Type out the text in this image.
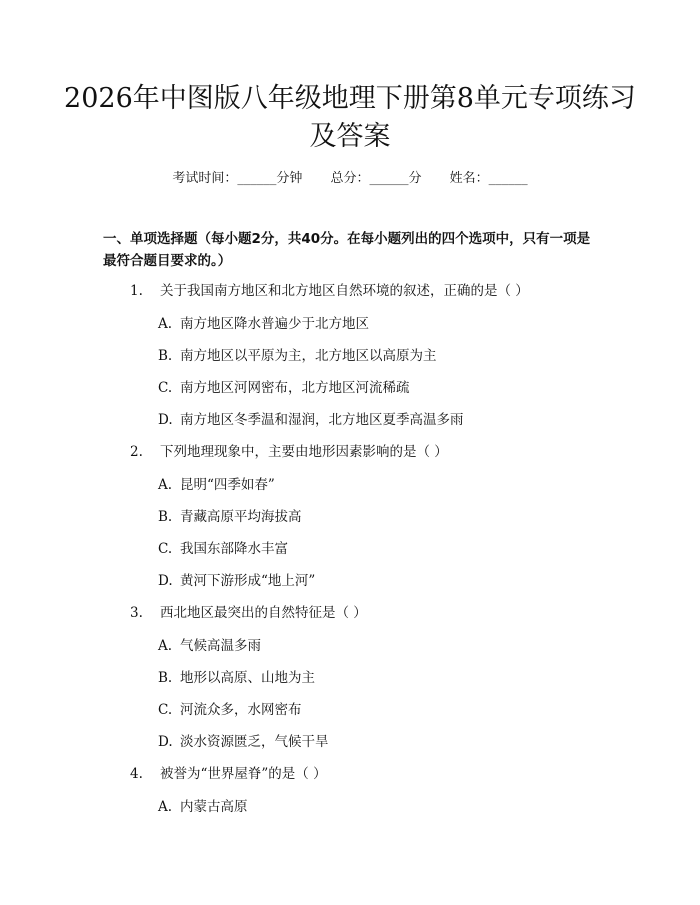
2026年中图版八年级地理下册第8单元专项练习及答案
考试时间：______分钟 总分：______分 姓名：______
一、单项选择题（每小题2分，共40分。在每小题列出的四个选项中，只有一项是最符合题目要求的。）
1.	关于我国南方地区和北方地区自然环境的叙述，正确的是（ ）
A. 南方地区降水普遍少于北方地区
B. 南方地区以平原为主，北方地区以高原为主
C. 南方地区河网密布，北方地区河流稀疏
D. 南方地区冬季温和湿润，北方地区夏季高温多雨
2.	下列地理现象中，主要由地形因素影响的是（ ）
A. 昆明“四季如春”
B. 青藏高原平均海拔高
C. 我国东部降水丰富
D. 黄河下游形成“地上河”
3.	西北地区最突出的自然特征是（ ）
A. 气候高温多雨
B. 地形以高原、山地为主
C. 河流众多，水网密布
D. 淡水资源匮乏，气候干旱
4.	被誉为“世界屋脊”的是（ ）
A. 内蒙古高原
